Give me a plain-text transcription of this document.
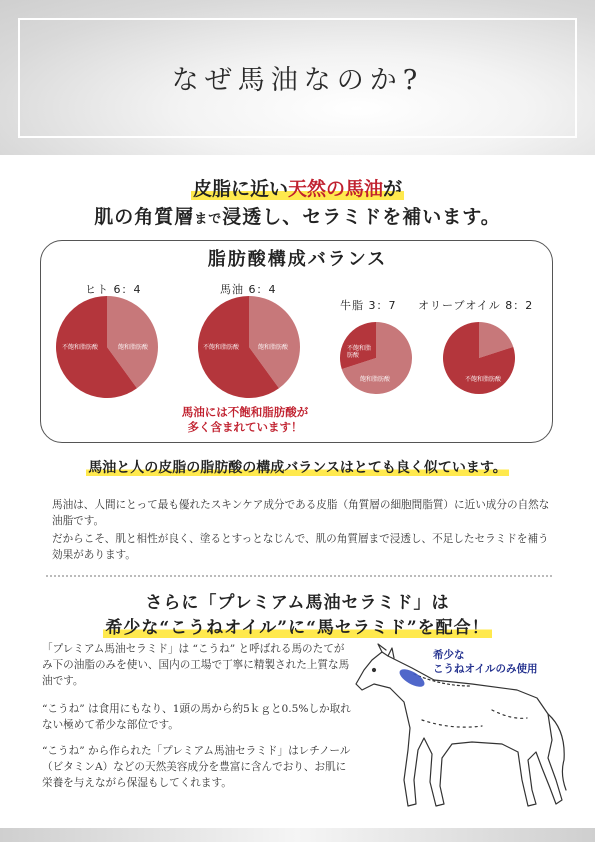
なぜ馬油なのか?
皮脂に近い天然の馬油が
肌の角質層まで浸透し、セラミドを補います。
脂肪酸構成バランス
ヒト 6：4	馬油 6：4
牛脂 3：7 オリーブオイル 8：2
不飽和脂肪酸	飽和脂肪酸	不飽和脂肪酸	飽和脂肪酸	不飽和脂肪酸
飽和脂肪酸	不飽和脂肪酸
馬油には不飽和脂肪酸が
多く含まれています！
馬油と人の皮脂の脂肪酸の構成バランスはとても良く似ています。
馬油は、人間にとって最も優れたスキンケア成分である皮脂（角質層の細胞間脂質）に近い成分の自然な油脂です。
だからこそ、肌と相性が良く、塗るとすっとなじんで、肌の角質層まで浸透し、不足したセラミドを補う効果があります。
さらに「プレミアム馬油セラミド」は
希少な“こうねオイル”に“馬セラミド”を配合！
「プレミアム馬油セラミド」は “こうね” と呼ばれる馬のたてがみ下の油脂のみを使い、国内の工場で丁寧に精製された上質な馬油です。
“こうね” は食用にもなり、1頭の馬から約5ｋｇと0.5%しか取れない極めて希少な部位です。
“こうね” から作られた「プレミアム馬油セラミド」はレチノール（ビタミンA）などの天然美容成分を豊富に含んでおり、お肌に栄養を与えながら保湿もしてくれます。
希少な
こうねオイルのみ使用
